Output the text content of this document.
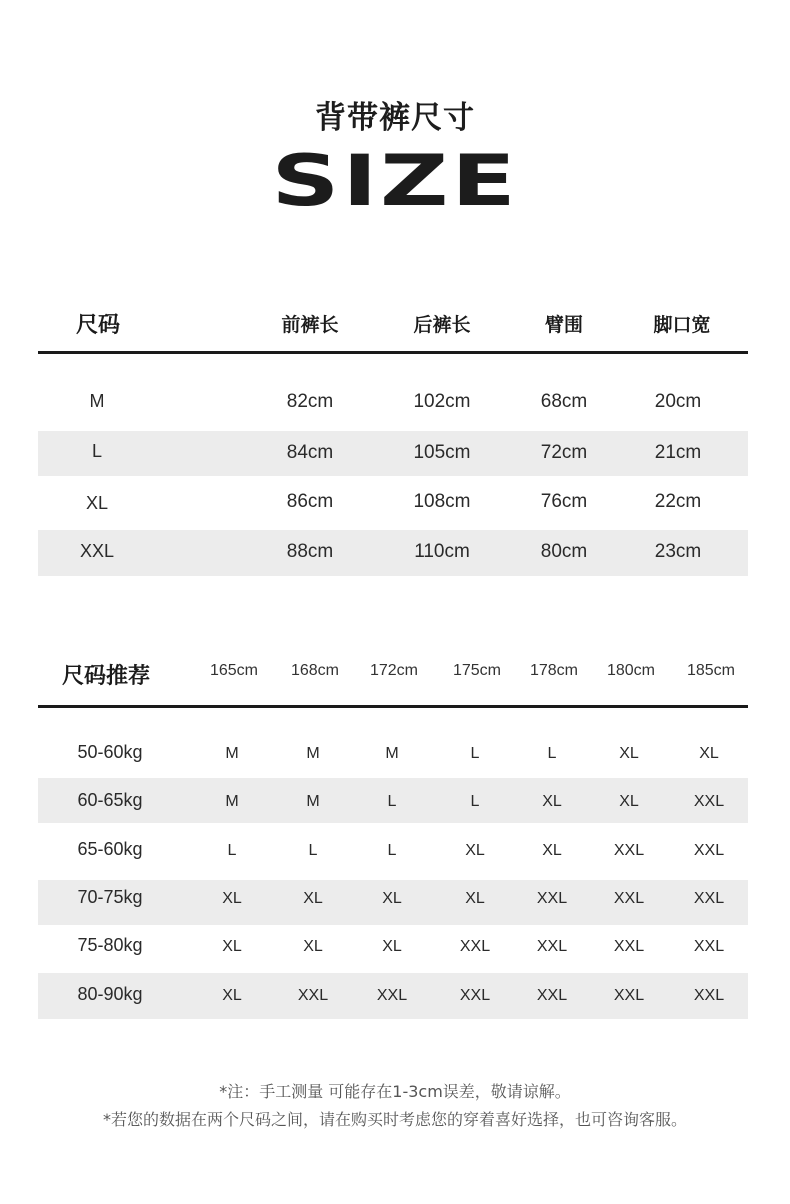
背带裤尺寸
SIZE
尺码	前裤长	后裤长	臂围	脚口宽
M	82cm	102cm	68cm	20cm
L	84cm	105cm	72cm	21cm
XL	86cm	108cm	76cm	22cm
XXL	88cm	110cm	80cm	23cm
尺码推荐	165cm	168cm	172cm	175cm	178cm	180cm	185cm
50-60kg	M	M	M	L	L	XL	XL
60-65kg	M	M	L	L	XL	XL	XXL
65-60kg	L	L	L	XL	XL	XXL	XXL
70-75kg	XL	XL	XL	XL	XXL	XXL	XXL
75-80kg	XL	XL	XL	XXL	XXL	XXL	XXL
80-90kg	XL	XXL	XXL	XXL	XXL	XXL	XXL
*注：手工测量 可能存在1-3cm误差，敬请谅解。
*若您的数据在两个尺码之间，请在购买时考虑您的穿着喜好选择，也可咨询客服。
